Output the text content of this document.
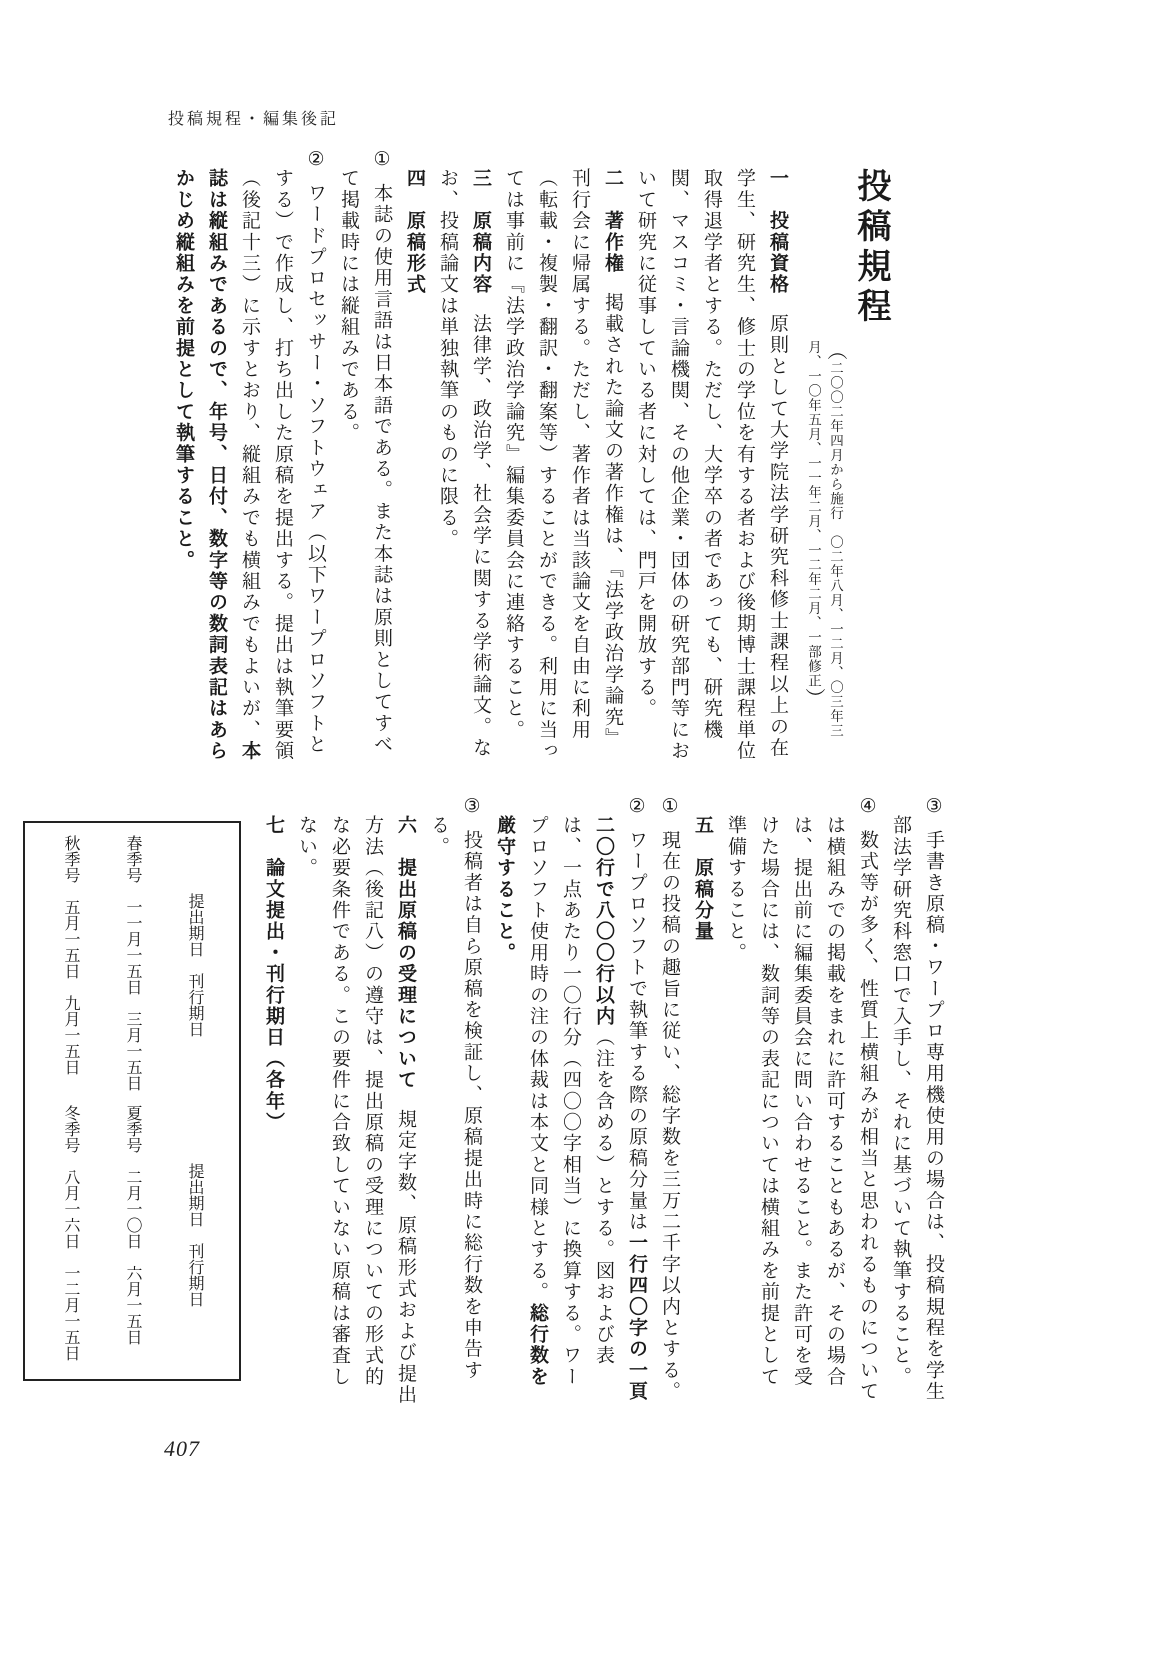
投稿規程・編集後記
投稿規程
（二〇〇二年四月から施行　〇二年八月、一二月、〇三年三月、一〇年五月、一一年二月、一二年二月、一部修正）

一　投稿資格原則として大学院法学研究科修士課程以上の在学生、研究生、修士の学位を有する者および後期博士課程単位取得退学者とする。ただし、大学卒の者であっても、研究機関、マスコミ・言論機関、その他企業・団体の研究部門等において研究に従事している者に対しては、門戸を開放する。

二　著作権掲載された論文の著作権は、『法学政治学論究』刊行会に帰属する。ただし、著作者は当該論文を自由に利用（転載・複製・翻訳・翻案等）することができる。利用に当っては事前に『法学政治学論究』編集委員会に連絡すること。

三　原稿内容法律学、政治学、社会学に関する学術論文。なお、投稿論文は単独執筆のものに限る。

四　原稿形式

①本誌の使用言語は日本語である。また本誌は原則としてすべて掲載時には縦組みである。

②ワードプロセッサー・ソフトウェア（以下ワープロソフトとする）で作成し、打ち出した原稿を提出する。提出は執筆要領（後記十三）に示すとおり、縦組みでも横組みでもよいが、本誌は縦組みであるので、年号、日付、数字等の数詞表記はあらかじめ縦組みを前提として執筆すること。

③手書き原稿・ワープロ専用機使用の場合は、投稿規程を学生部法学研究科窓口で入手し、それに基づいて執筆すること。

④数式等が多く、性質上横組みが相当と思われるものについては横組みでの掲載をまれに許可することもあるが、その場合は、提出前に編集委員会に問い合わせること。また許可を受けた場合には、数詞等の表記については横組みを前提として準備すること。

五　原稿分量

①現在の投稿の趣旨に従い、総字数を三万二千字以内とする。

②ワープロソフトで執筆する際の原稿分量は一行四〇字の一頁二〇行で八〇〇行以内（注を含める）とする。図および表は、一点あたり一〇行分（四〇〇字相当）に換算する。ワープロソフト使用時の注の体裁は本文と同様とする。総行数を厳守すること。

③投稿者は自ら原稿を検証し、原稿提出時に総行数を申告する。

六　提出原稿の受理について規定字数、原稿形式および提出方法（後記八）の遵守は、提出原稿の受理についての形式的な必要条件である。この要件に合致していない原稿は審査しない。

七　論文提出・刊行期日（各年）

提出期日　刊行期日提出期日　刊行期日
春季号　一一月一五日　三月一五日夏季号　二月一〇日　六月一五日
秋季号　五月一五日　九月一五日冬季号　八月一六日　一二月一五日
407
